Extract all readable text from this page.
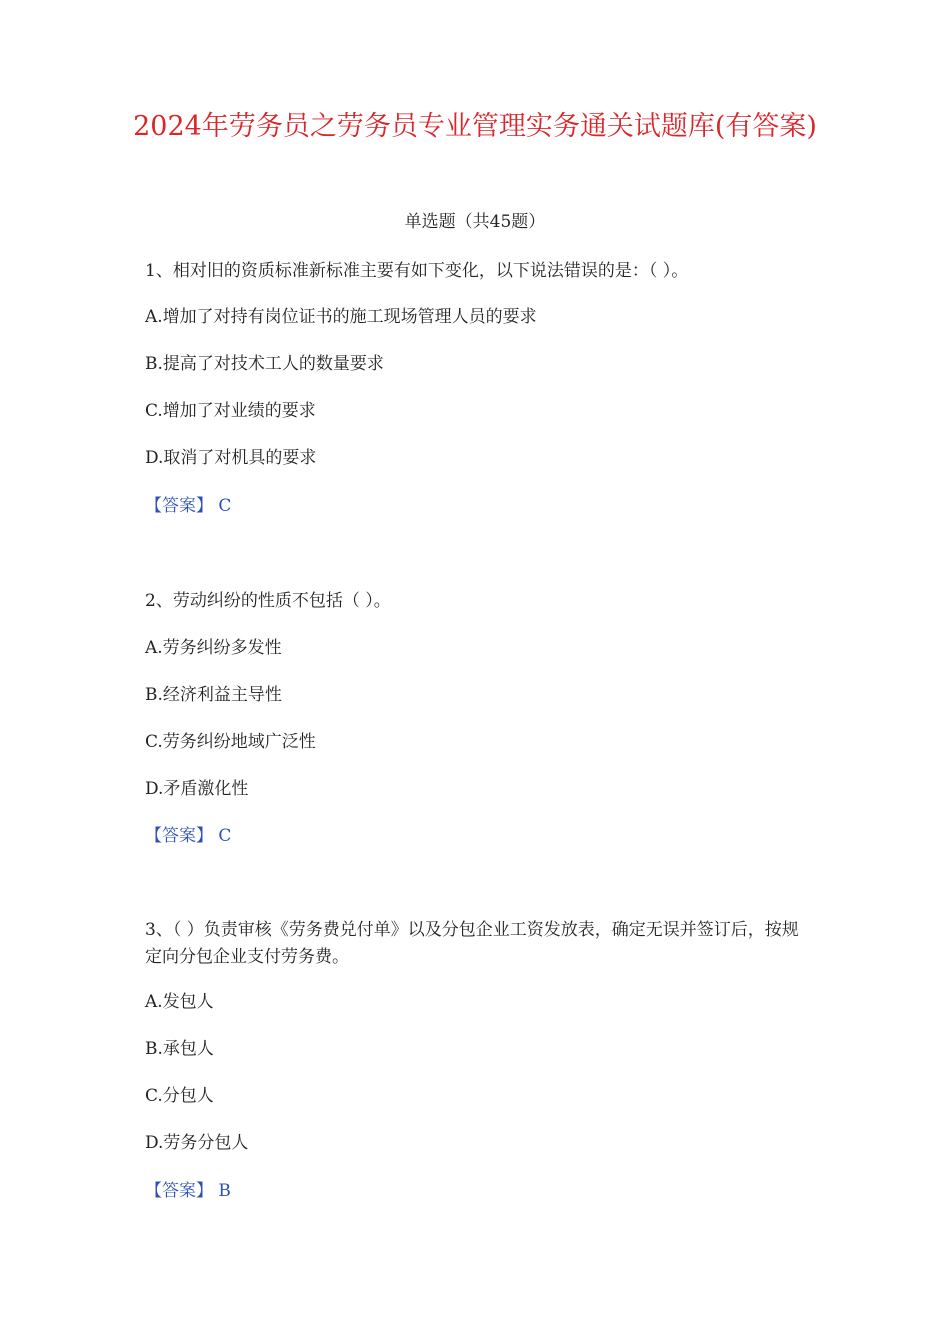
2024年劳务员之劳务员专业管理实务通关试题库(有答案)
单选题（共45题）
1、相对旧的资质标准新标准主要有如下变化，以下说法错误的是：（ ）。
A.增加了对持有岗位证书的施工现场管理人员的要求
B.提高了对技术工人的数量要求
C.增加了对业绩的要求
D.取消了对机具的要求
【答案】 C
2、劳动纠纷的性质不包括（ ）。
A.劳务纠纷多发性
B.经济利益主导性
C.劳务纠纷地域广泛性
D.矛盾激化性
【答案】 C
3、（ ）负责审核《劳务费兑付单》以及分包企业工资发放表，确定无误并签订后，按规定向分包企业支付劳务费。
A.发包人
B.承包人
C.分包人
D.劳务分包人
【答案】 B
